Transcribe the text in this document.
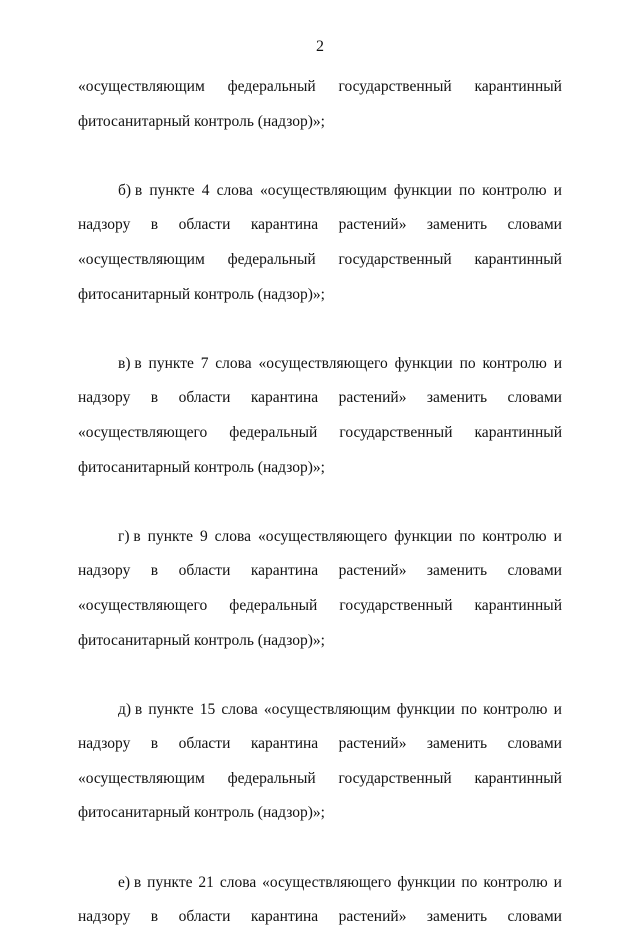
2
«осуществляющим федеральный государственный карантинный
фитосанитарный контроль (надзор)»;
б) в пункте 4 слова «осуществляющим функции по контролю и
надзору в области карантина растений» заменить словами
«осуществляющим федеральный государственный карантинный
фитосанитарный контроль (надзор)»;
в) в пункте 7 слова «осуществляющего функции по контролю и
надзору в области карантина растений» заменить словами
«осуществляющего федеральный государственный карантинный
фитосанитарный контроль (надзор)»;
г) в пункте 9 слова «осуществляющего функции по контролю и
надзору в области карантина растений» заменить словами
«осуществляющего федеральный государственный карантинный
фитосанитарный контроль (надзор)»;
д) в пункте 15 слова «осуществляющим функции по контролю и
надзору в области карантина растений» заменить словами
«осуществляющим федеральный государственный карантинный
фитосанитарный контроль (надзор)»;
е) в пункте 21 слова «осуществляющего функции по контролю и
надзору в области карантина растений» заменить словами
